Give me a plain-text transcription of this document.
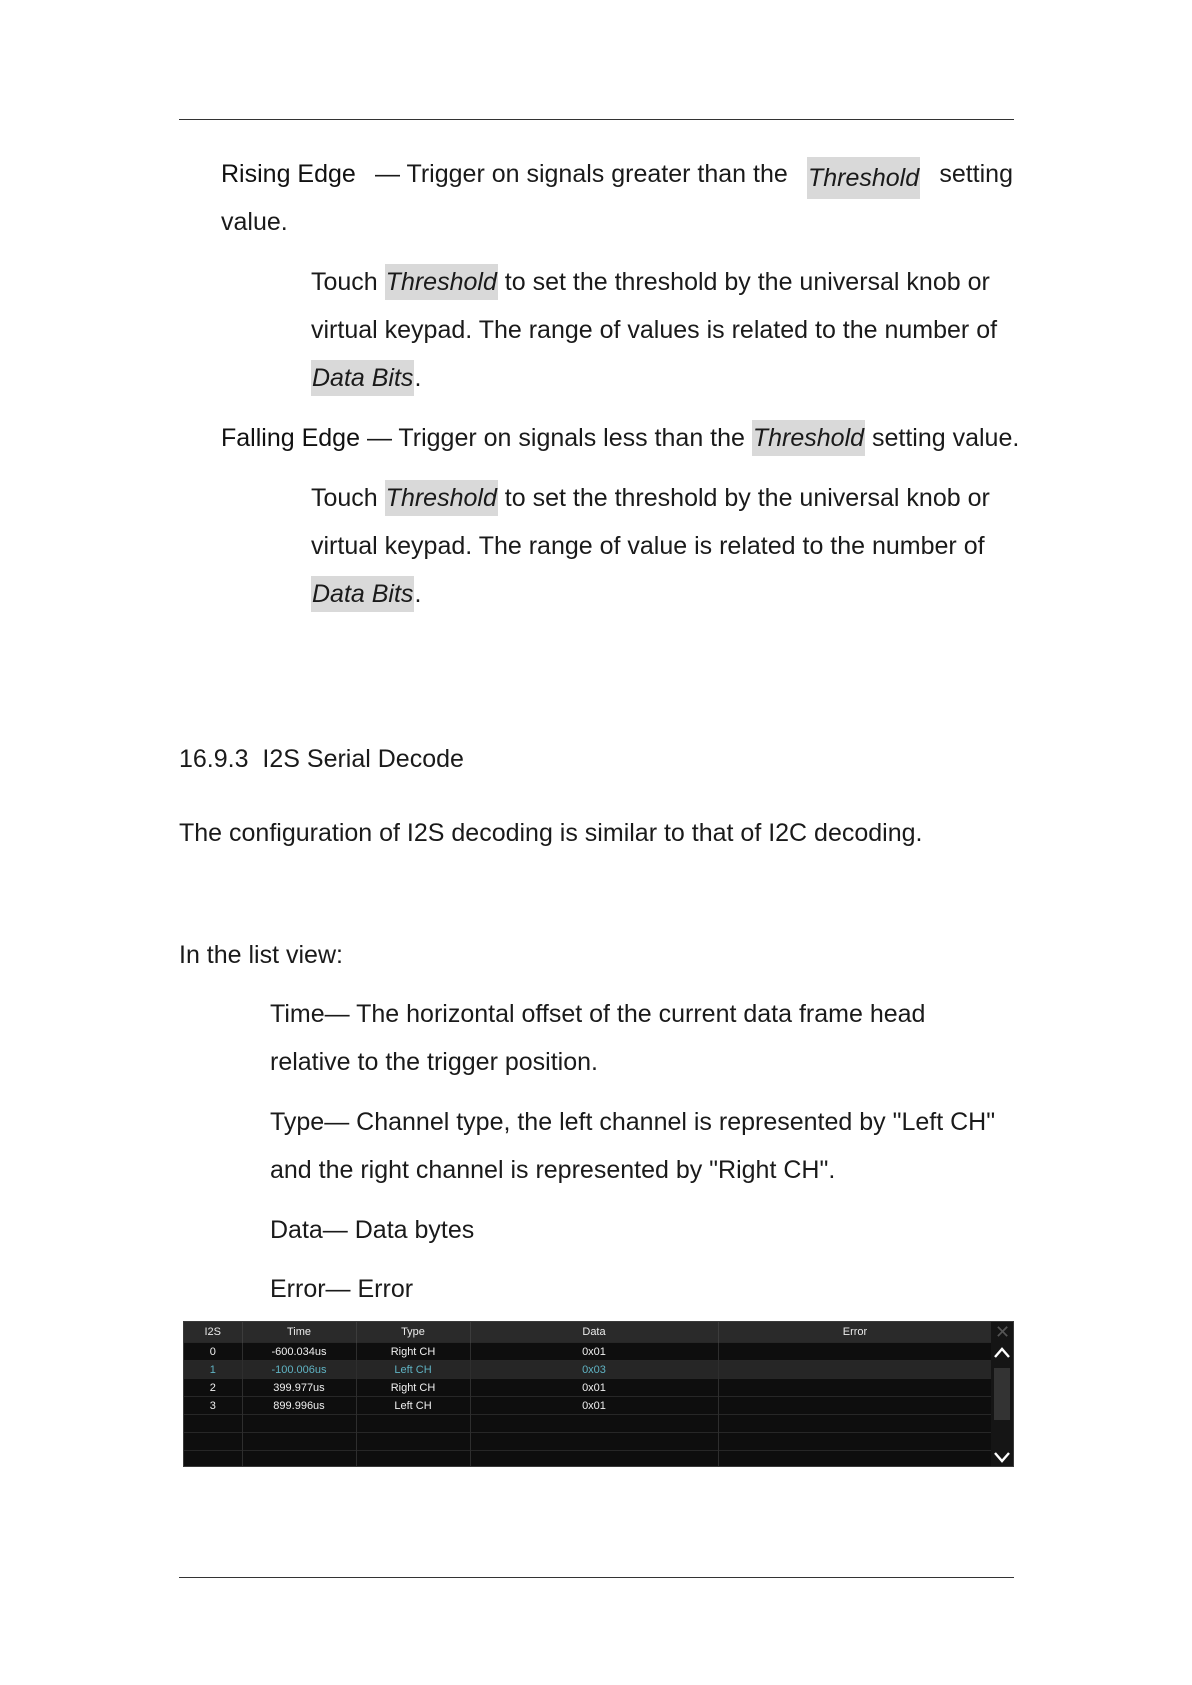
Rising Edge — Trigger on signals greater than the Threshold setting
value.
Touch Threshold to set the threshold by the universal knob or
virtual keypad. The range of values is related to the number of
Data Bits.
Falling Edge — Trigger on signals less than the Threshold setting value.
Touch Threshold to set the threshold by the universal knob or
virtual keypad. The range of value is related to the number of
Data Bits.
16.9.3 I2S Serial Decode
The configuration of I2S decoding is similar to that of I2C decoding.
In the list view:
Time— The horizontal offset of the current data frame head
relative to the trigger position.
Type— Channel type, the left channel is represented by "Left CH"
and the right channel is represented by "Right CH".
Data— Data bytes
Error— Error
I2S	Time	Type	Data	Error
0	-600.034us	Right CH	0x01	
1	-100.006us	Left CH	0x03	
2	399.977us	Right CH	0x01	
3	899.996us	Left CH	0x01	

✕
